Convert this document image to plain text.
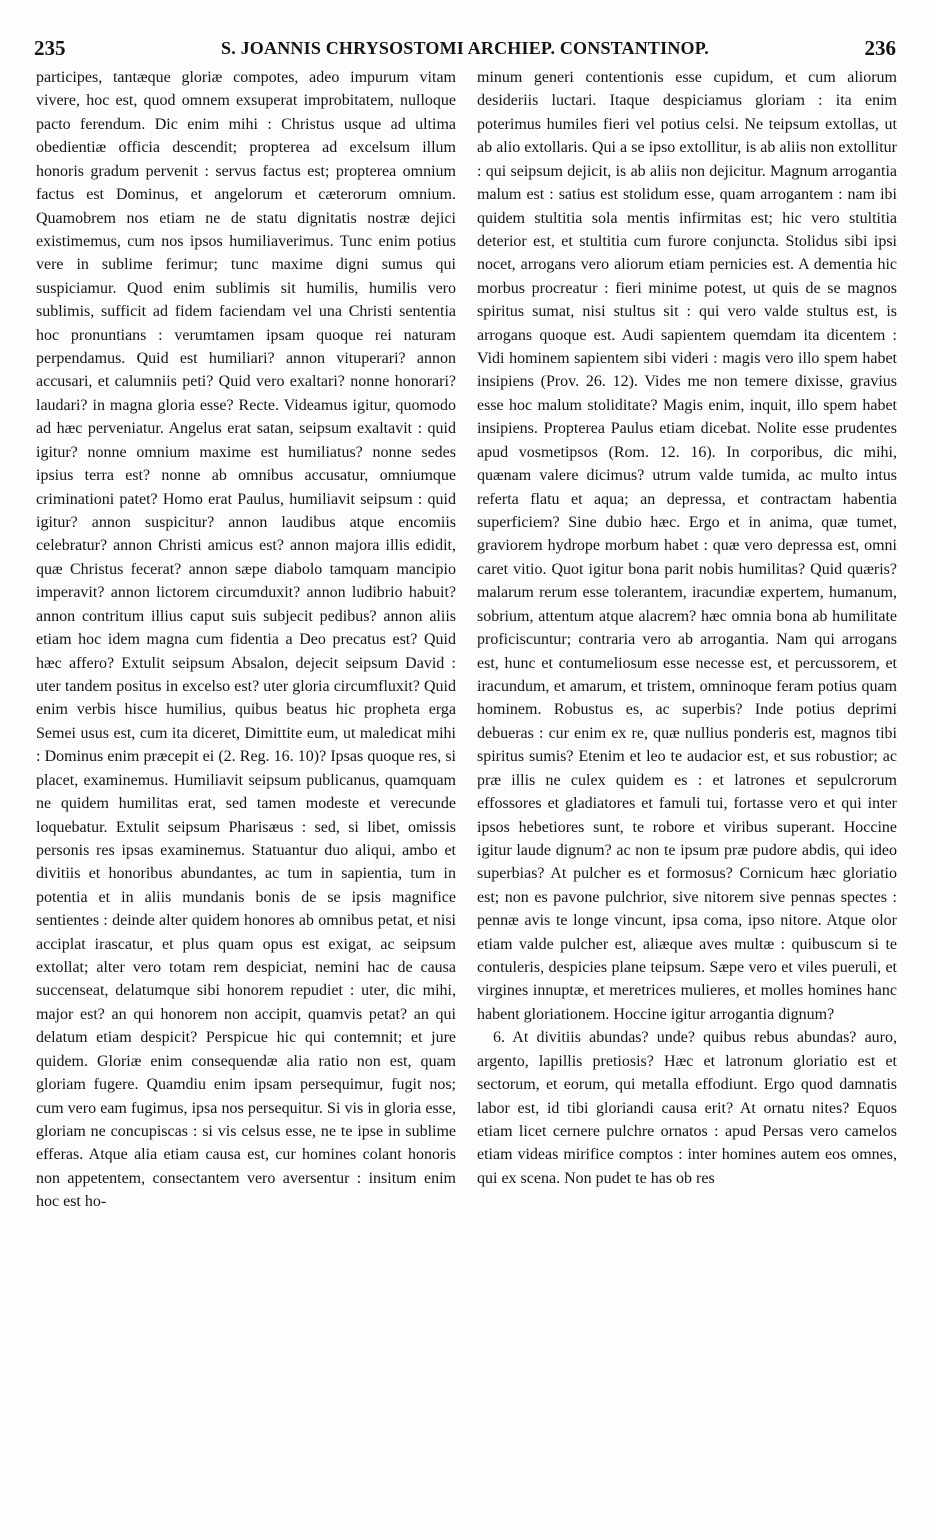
235	S. JOANNIS CHRYSOSTOMI ARCHIEP. CONSTANTINOP.	236

participes, tantæque gloriæ compotes, adeo impurum vitam vivere, hoc est, quod omnem exsuperat improbitatem, nulloque pacto ferendum. Dic enim mihi : Christus usque ad ultima obedientiæ officia descendit; propterea ad excelsum illum honoris gradum pervenit : servus factus est; propterea omnium factus est Dominus, et angelorum et cæterorum omnium. Quamobrem nos etiam ne de statu dignitatis nostræ dejici existimemus, cum nos ipsos humiliaverimus. Tunc enim potius vere in sublime ferimur; tunc maxime digni sumus qui suspiciamur. Quod enim sublimis sit humilis, humilis vero sublimis, sufficit ad fidem faciendam vel una Christi sententia hoc pronuntians : verumtamen ipsam quoque rei naturam perpendamus. Quid est humiliari? annon vituperari? annon accusari, et calumniis peti? Quid vero exaltari? nonne honorari? laudari? in magna gloria esse? Recte. Videamus igitur, quomodo ad hæc perveniatur. Angelus erat satan, seipsum exaltavit : quid igitur? nonne omnium maxime est humiliatus? nonne sedes ipsius terra est? nonne ab omnibus accusatur, omniumque criminationi patet? Homo erat Paulus, humiliavit seipsum : quid igitur? annon suspicitur? annon laudibus atque encomiis celebratur? annon Christi amicus est? annon majora illis edidit, quæ Christus fecerat? annon sæpe diabolo tamquam mancipio imperavit? annon lictorem circumduxit? annon ludibrio habuit? annon contritum illius caput suis subjecit pedibus? annon aliis etiam hoc idem magna cum fidentia a Deo precatus est? Quid hæc affero? Extulit seipsum Absalon, dejecit seipsum David : uter tandem positus in excelso est? uter gloria circumfluxit? Quid enim verbis hisce humilius, quibus beatus hic propheta erga Semei usus est, cum ita diceret, Dimittite eum, ut maledicat mihi : Dominus enim præcepit ei (2. Reg. 16. 10)? Ipsas quoque res, si placet, examinemus. Humiliavit seipsum publicanus, quamquam ne quidem humilitas erat, sed tamen modeste et verecunde loquebatur. Extulit seipsum Pharisæus : sed, si libet, omissis personis res ipsas examinemus. Statuantur duo aliqui, ambo et divitiis et honoribus abundantes, ac tum in sapientia, tum in potentia et in aliis mundanis bonis de se ipsis magnifice sentientes : deinde alter quidem honores ab omnibus petat, et nisi acciplat irascatur, et plus quam opus est exigat, ac seipsum extollat; alter vero totam rem despiciat, nemini hac de causa succenseat, delatumque sibi honorem repudiet : uter, dic mihi, major est? an qui honorem non accipit, quamvis petat? an qui delatum etiam despicit? Perspicue hic qui contemnit; et jure quidem. Gloriæ enim consequendæ alia ratio non est, quam gloriam fugere. Quamdiu enim ipsam persequimur, fugit nos; cum vero eam fugimus, ipsa nos persequitur. Si vis in gloria esse, gloriam ne concupiscas : si vis celsus esse, ne te ipse in sublime efferas. Atque alia etiam causa est, cur homines colant honoris non appetentem, consectantem vero aversentur : insitum enim hoc est ho-

minum generi contentionis esse cupidum, et cum aliorum desideriis luctari. Itaque despiciamus gloriam : ita enim poterimus humiles fieri vel potius celsi. Ne teipsum extollas, ut ab alio extollaris. Qui a se ipso extollitur, is ab aliis non extollitur : qui seipsum dejicit, is ab aliis non dejicitur. Magnum arrogantia malum est : satius est stolidum esse, quam arrogantem : nam ibi quidem stultitia sola mentis infirmitas est; hic vero stultitia deterior est, et stultitia cum furore conjuncta. Stolidus sibi ipsi nocet, arrogans vero aliorum etiam pernicies est. A dementia hic morbus procreatur : fieri minime potest, ut quis de se magnos spiritus sumat, nisi stultus sit : qui vero valde stultus est, is arrogans quoque est. Audi sapientem quemdam ita dicentem : Vidi hominem sapientem sibi videri : magis vero illo spem habet insipiens (Prov. 26. 12). Vides me non temere dixisse, gravius esse hoc malum stoliditate? Magis enim, inquit, illo spem habet insipiens. Propterea Paulus etiam dicebat. Nolite esse prudentes apud vosmetipsos (Rom. 12. 16). In corporibus, dic mihi, quænam valere dicimus? utrum valde tumida, ac multo intus referta flatu et aqua; an depressa, et contractam habentia superficiem? Sine dubio hæc. Ergo et in anima, quæ tumet, graviorem hydrope morbum habet : quæ vero depressa est, omni caret vitio. Quot igitur bona parit nobis humilitas? Quid quæris? malarum rerum esse tolerantem, iracundiæ expertem, humanum, sobrium, attentum atque alacrem? hæc omnia bona ab humilitate proficiscuntur; contraria vero ab arrogantia. Nam qui arrogans est, hunc et contumeliosum esse necesse est, et percussorem, et iracundum, et amarum, et tristem, omninoque feram potius quam hominem. Robustus es, ac superbis? Inde potius deprimi debueras : cur enim ex re, quæ nullius ponderis est, magnos tibi spiritus sumis? Etenim et leo te audacior est, et sus robustior; ac præ illis ne culex quidem es : et latrones et sepulcrorum effossores et gladiatores et famuli tui, fortasse vero et qui inter ipsos hebetiores sunt, te robore et viribus superant. Hoccine igitur laude dignum? ac non te ipsum præ pudore abdis, qui ideo superbias? At pulcher es et formosus? Cornicum hæc gloriatio est; non es pavone pulchrior, sive nitorem sive pennas spectes : pennæ avis te longe vincunt, ipsa coma, ipso nitore. Atque olor etiam valde pulcher est, aliæque aves multæ : quibuscum si te contuleris, despicies plane teipsum. Sæpe vero et viles pueruli, et virgines innuptæ, et meretrices mulieres, et molles homines hanc habent gloriationem. Hoccine igitur arrogantia dignum?

6. At divitiis abundas? unde? quibus rebus abundas? auro, argento, lapillis pretiosis? Hæc et latronum gloriatio est et sectorum, et eorum, qui metalla effodiunt. Ergo quod damnatis labor est, id tibi gloriandi causa erit? At ornatu nites? Equos etiam licet cernere pulchre ornatos : apud Persas vero camelos etiam videas mirifice comptos : inter homines autem eos omnes, qui ex scena. Non pudet te has ob res
